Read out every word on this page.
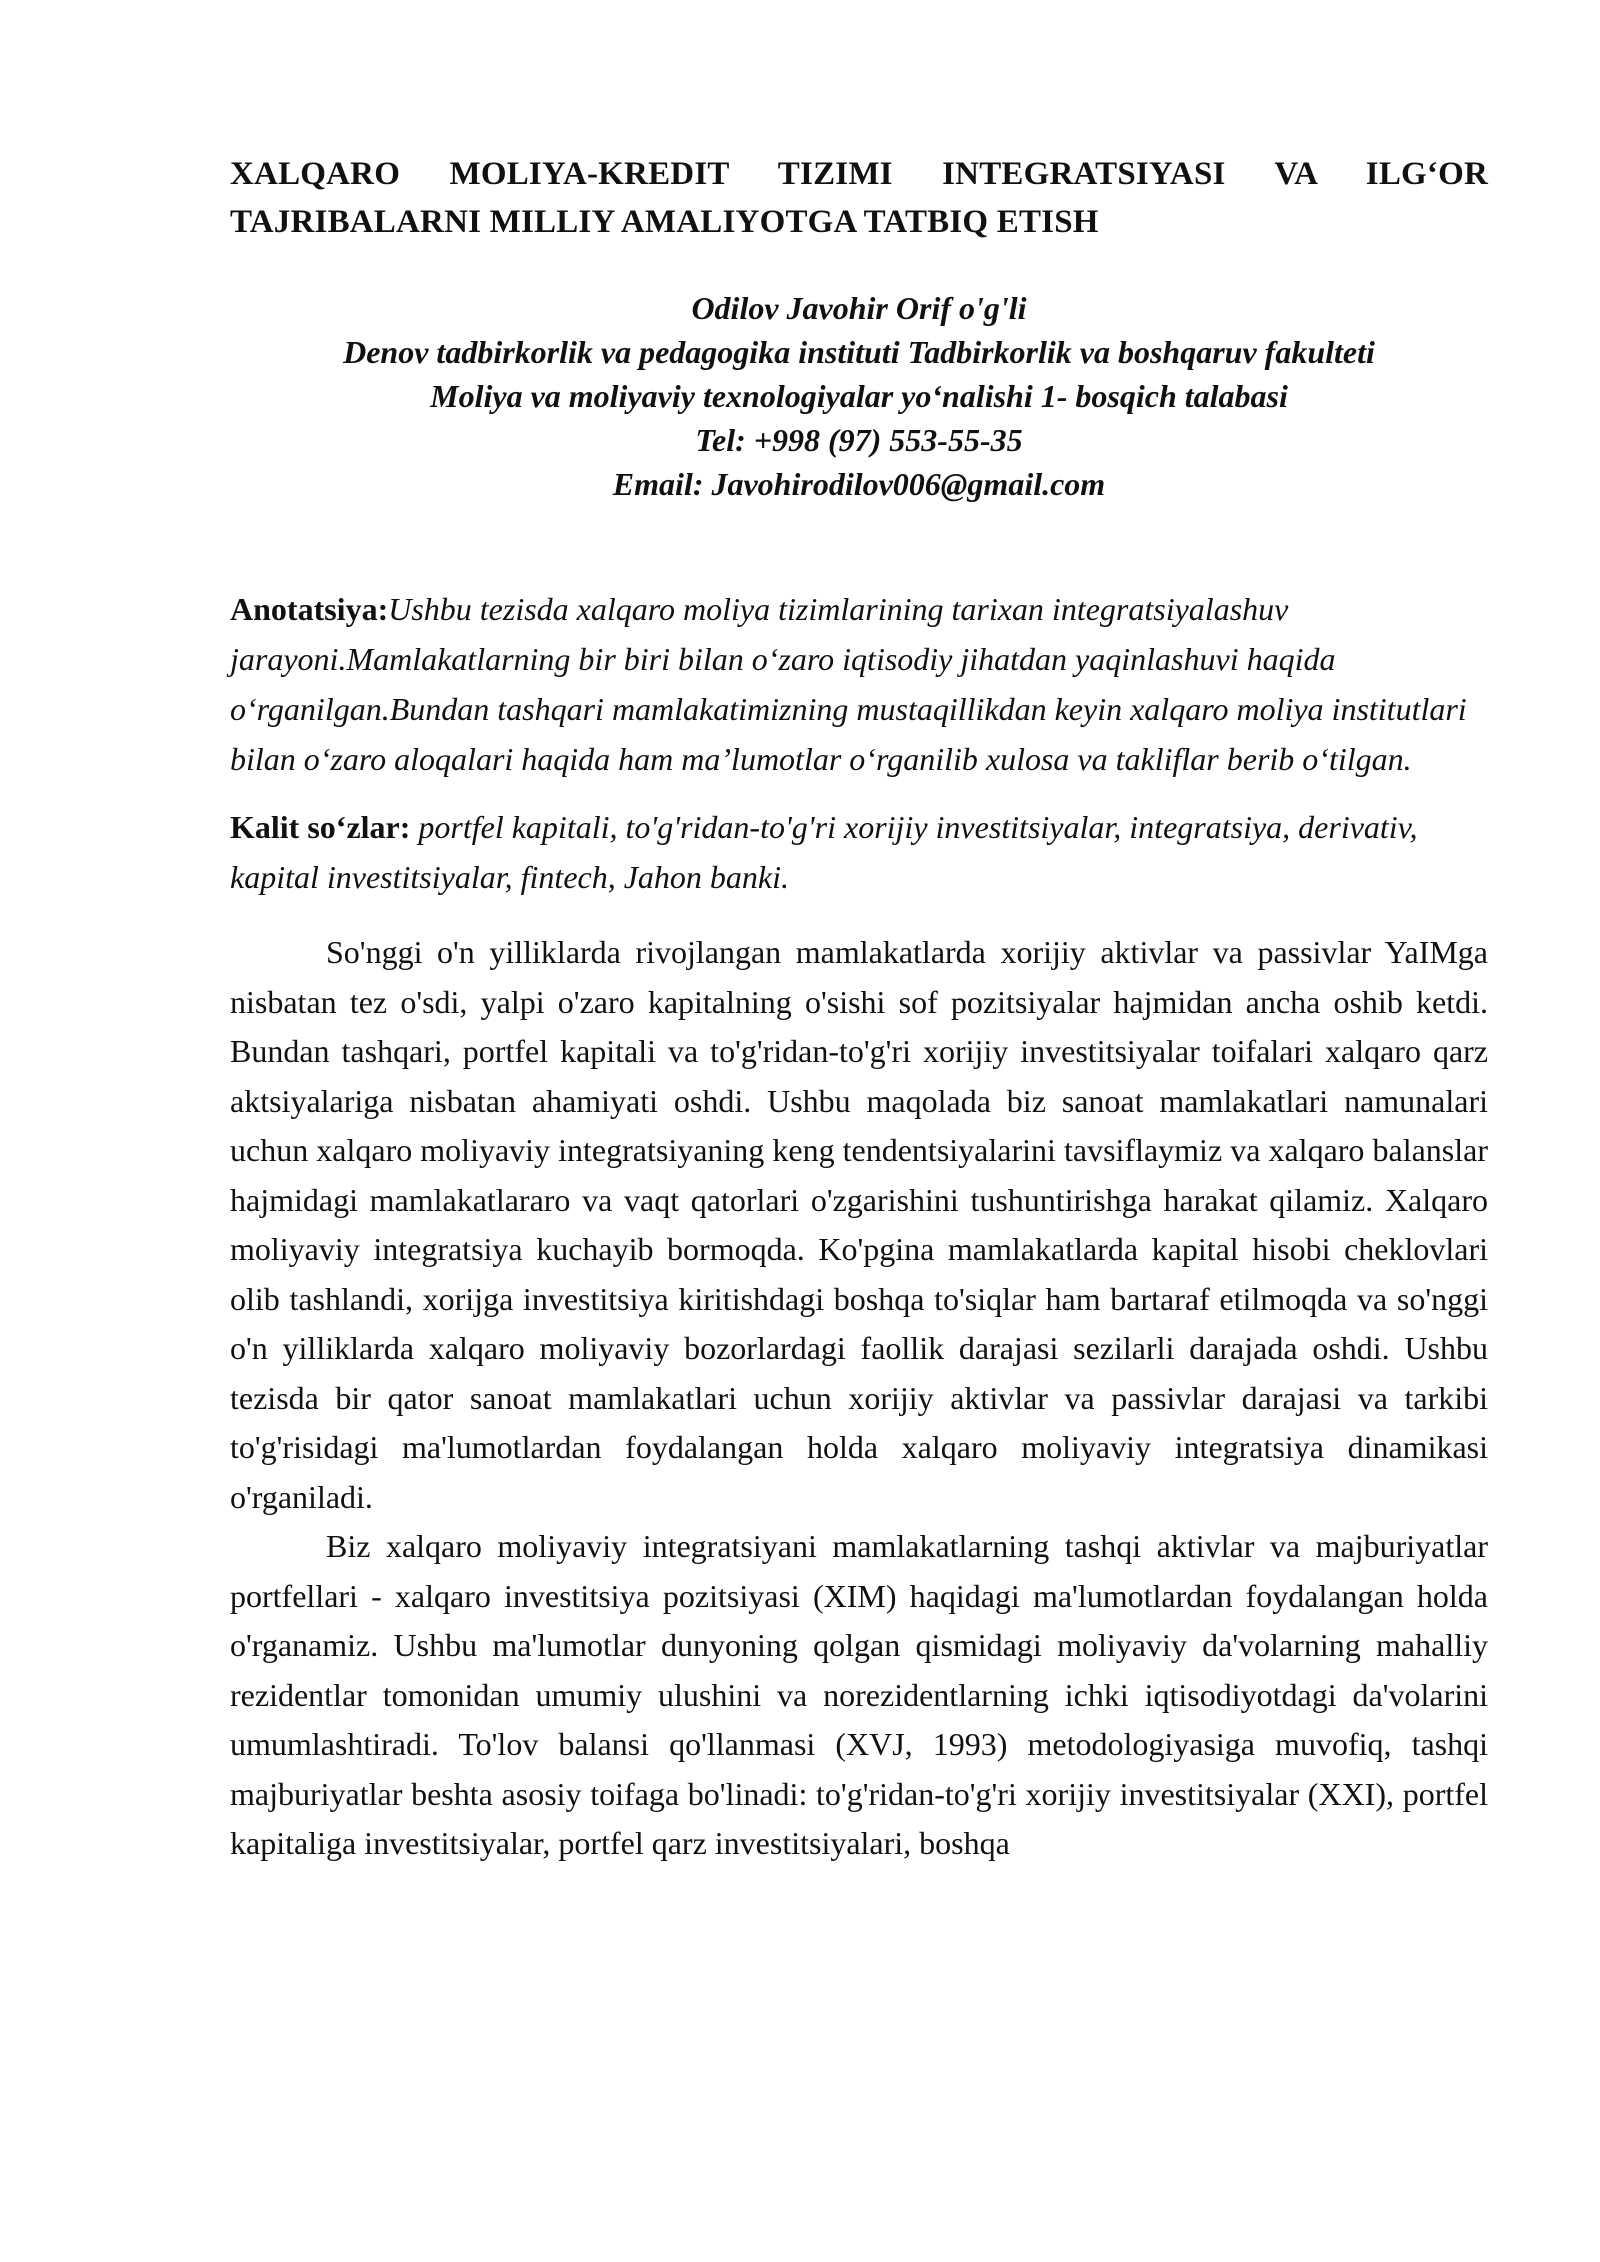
XALQARO MOLIYA-KREDIT TIZIMI INTEGRATSIYASI VA ILG‘OR
TAJRIBALARNI MILLIY AMALIYOTGA TATBIQ ETISH
Odilov Javohir Orif o'g'li
Denov tadbirkorlik va pedagogika instituti Tadbirkorlik va boshqaruv fakulteti
Moliya va moliyaviy texnologiyalar yo‘nalishi 1- bosqich talabasi
Tel: +998 (97) 553-55-35
Email: Javohirodilov006@gmail.com
Anotatsiya:Ushbu tezisda xalqaro moliya tizimlarining tarixan integratsiyalashuv jarayoni.Mamlakatlarning bir biri bilan o‘zaro iqtisodiy jihatdan yaqinlashuvi haqida o‘rganilgan.Bundan tashqari mamlakatimizning mustaqillikdan keyin xalqaro moliya institutlari bilan o‘zaro aloqalari haqida ham ma’lumotlar o‘rganilib xulosa va takliflar berib o‘tilgan.
Kalit so‘zlar: portfel kapitali, to'g'ridan-to'g'ri xorijiy investitsiyalar, integratsiya, derivativ, kapital investitsiyalar, fintech, Jahon banki.

So'nggi o'n yilliklarda rivojlangan mamlakatlarda xorijiy aktivlar va passivlar YaIMga nisbatan tez o'sdi, yalpi o'zaro kapitalning o'sishi sof pozitsiyalar hajmidan ancha oshib ketdi. Bundan tashqari, portfel kapitali va to'g'ridan-to'g'ri xorijiy investitsiyalar toifalari xalqaro qarz aktsiyalariga nisbatan ahamiyati oshdi. Ushbu maqolada biz sanoat mamlakatlari namunalari uchun xalqaro moliyaviy integratsiyaning keng tendentsiyalarini tavsiflaymiz va xalqaro balanslar hajmidagi mamlakatlararo va vaqt qatorlari o'zgarishini tushuntirishga harakat qilamiz. Xalqaro moliyaviy integratsiya kuchayib bormoqda. Ko'pgina mamlakatlarda kapital hisobi cheklovlari olib tashlandi, xorijga investitsiya kiritishdagi boshqa to'siqlar ham bartaraf etilmoqda va so'nggi o'n yilliklarda xalqaro moliyaviy bozorlardagi faollik darajasi sezilarli darajada oshdi. Ushbu tezisda bir qator sanoat mamlakatlari uchun xorijiy aktivlar va passivlar darajasi va tarkibi to'g'risidagi ma'lumotlardan foydalangan holda xalqaro moliyaviy integratsiya dinamikasi o'rganiladi.

Biz xalqaro moliyaviy integratsiyani mamlakatlarning tashqi aktivlar va majburiyatlar portfellari - xalqaro investitsiya pozitsiyasi (XIM) haqidagi ma'lumotlardan foydalangan holda o'rganamiz. Ushbu ma'lumotlar dunyoning qolgan qismidagi moliyaviy da'volarning mahalliy rezidentlar tomonidan umumiy ulushini va norezidentlarning ichki iqtisodiyotdagi da'volarini umumlashtiradi. To'lov balansi qo'llanmasi (XVJ, 1993) metodologiyasiga muvofiq, tashqi majburiyatlar beshta asosiy toifaga bo'linadi: to'g'ridan-to'g'ri xorijiy investitsiyalar (XXI), portfel kapitaliga investitsiyalar, portfel qarz investitsiyalari, boshqa
